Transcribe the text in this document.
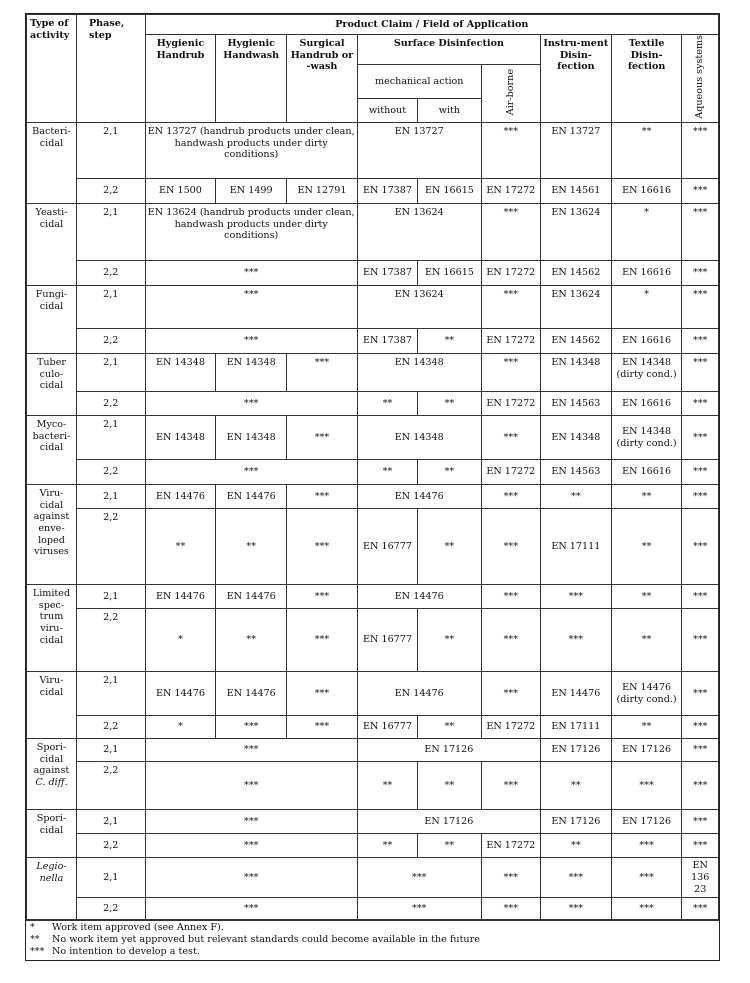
Type of activity	Phase, step	Product Claim / Field of Application								
		Hygienic Handrub	Hygienic Handwash	Surgical Handrub or -wash	Surface Disinfection			Instru-ment Disin-fection	Textile Disin-fection	Aqueous systems
					mechanical action		Air-borne			
					without	with				
Bacteri-cidal	2,1	EN 13727 (handrub products under clean, handwash products under dirty conditions)			EN 13727		***	EN 13727	**	***
	2,2	EN 1500	EN 1499	EN 12791	EN 17387	EN 16615	EN 17272	EN 14561	EN 16616	***
Yeasti-cidal	2,1	EN 13624 (handrub products under clean, handwash products under dirty conditions)			EN 13624		***	EN 13624	*	***
	2,2	***			EN 17387	EN 16615	EN 17272	EN 14562	EN 16616	***
Fungi-cidal	2,1	***			EN 13624		***	EN 13624	*	***
	2,2	***			EN 17387	**	EN 17272	EN 14562	EN 16616	***
Tuber culo-cidal	2,1	EN 14348	EN 14348	***	EN 14348		***	EN 14348	EN 14348 (dirty cond.)	***
	2,2	***			**	**	EN 17272	EN 14563	EN 16616	***
Myco-bacteri-cidal	2,1	EN 14348	EN 14348	***	EN 14348		***	EN 14348	EN 14348 (dirty cond.)	***
	2,2	***			**	**	EN 17272	EN 14563	EN 16616	***
Viru-cidal against enve-loped viruses	2,1	EN 14476	EN 14476	***	EN 14476		***	**	**	***
	2,2	**	**	***	EN 16777	**	***	EN 17111	**	***
Limited spec-trum viru-cidal	2,1	EN 14476	EN 14476	***	EN 14476		***	***	**	***
	2,2	*	**	***	EN 16777	**	***	***	**	***
Viru-cidal	2,1	EN 14476	EN 14476	***	EN 14476		***	EN 14476	EN 14476 (dirty cond.)	***
	2,2	*	***	***	EN 16777	**	EN 17272	EN 17111	**	***
Spori-cidal against C. diff.	2,1	***			EN 17126			EN 17126	EN 17126	***
	2,2	***			**	**	***	**	***	***
Spori-cidal	2,1	***			EN 17126			EN 17126	EN 17126	***
	2,2	***			**	**	EN 17272	**	***	***
Legio-nella	2,1	***			***		***	***	***	EN 136 23
	2,2	***			***		***	***	***	***
*	Work item approved (see Annex F).
**	No work item yet approved but relevant standards could become available in the future
*** No intention to develop a test.
